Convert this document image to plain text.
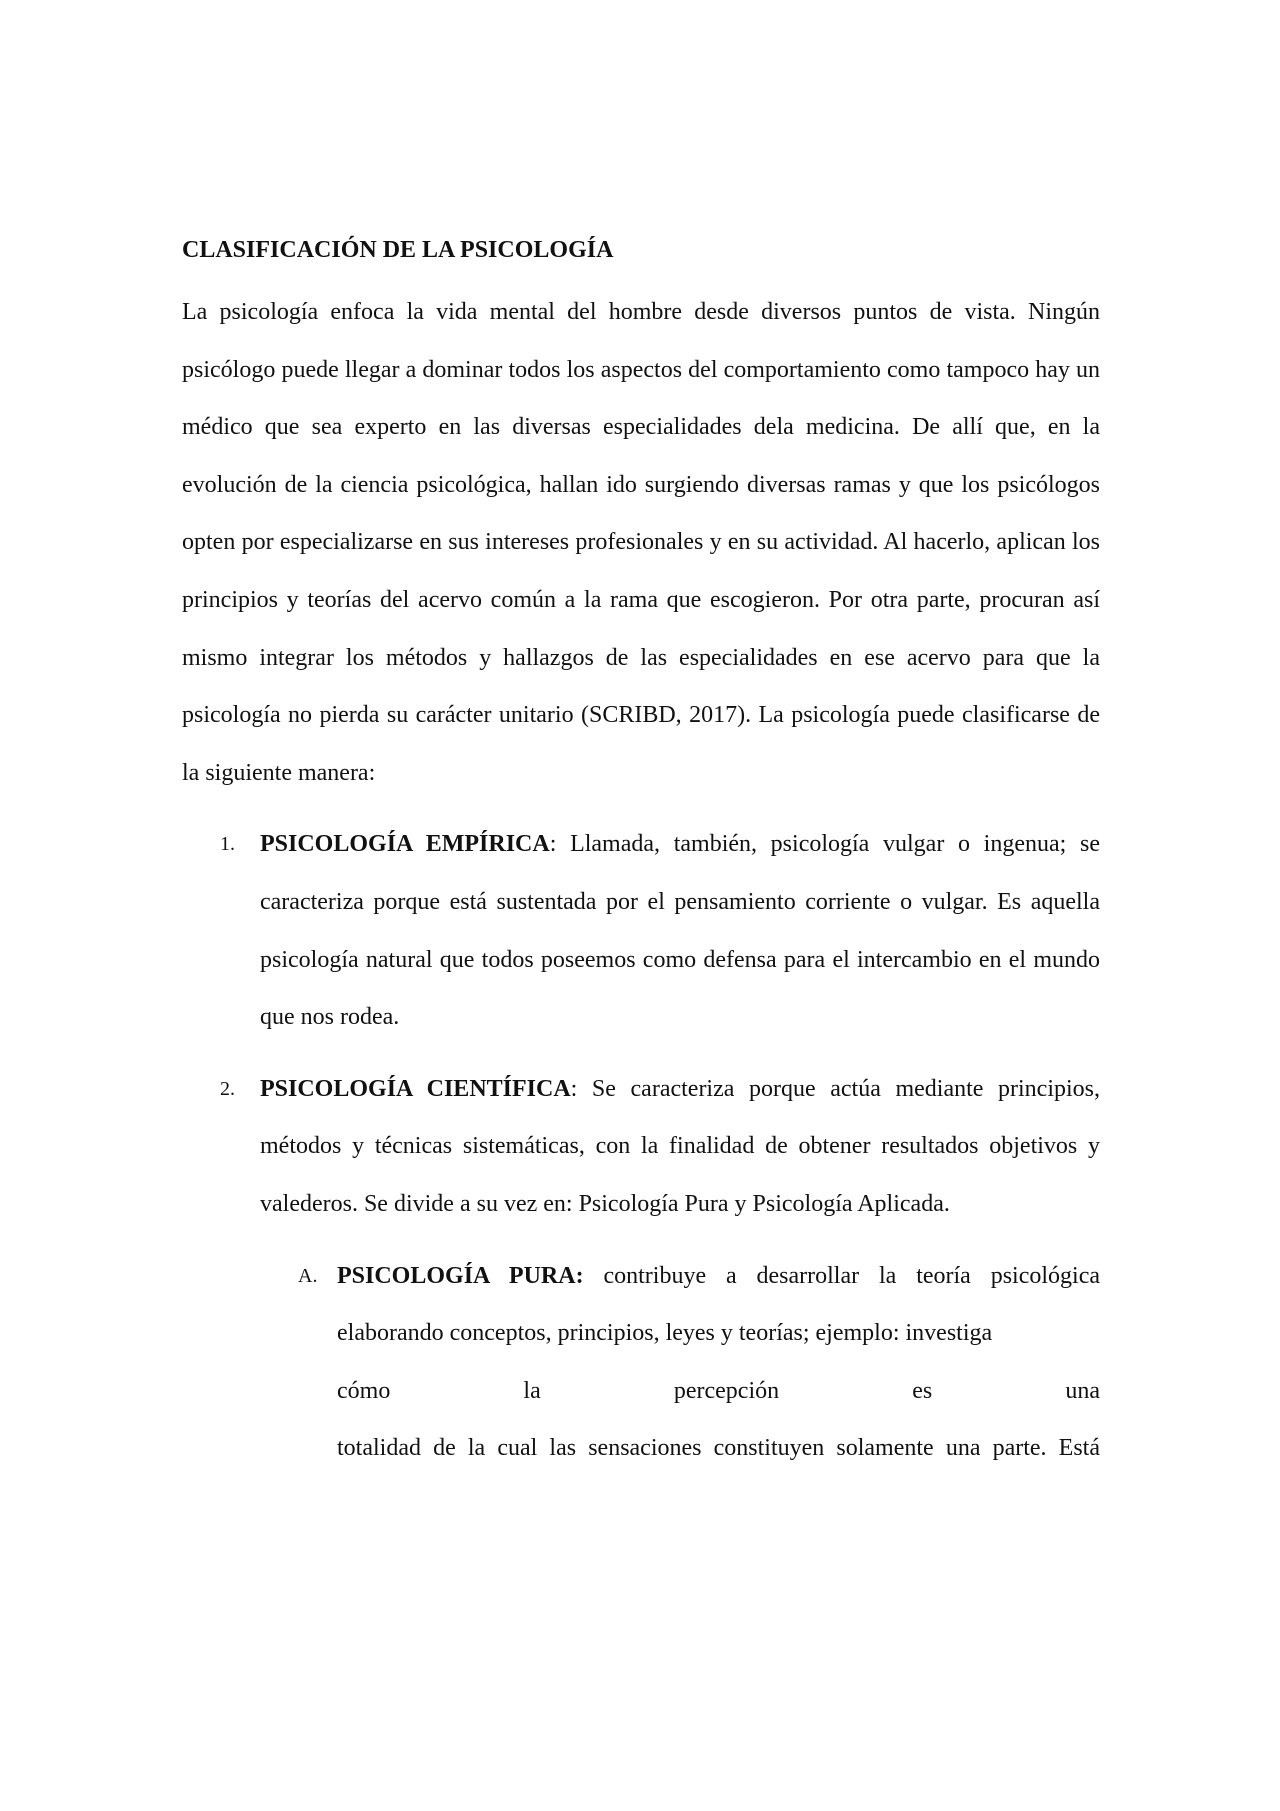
CLASIFICACIÓN DE LA PSICOLOGÍA

La psicología enfoca la vida mental del hombre desde diversos puntos de vista. Ningún psicólogo puede llegar a dominar todos los aspectos del comportamiento como tampoco hay un médico que sea experto en las diversas especialidades dela medicina. De allí que, en la evolución de la ciencia psicológica, hallan ido surgiendo diversas ramas y que los psicólogos opten por especializarse en sus intereses profesionales y en su actividad. Al hacerlo, aplican los principios y teorías del acervo común a la rama que escogieron. Por otra parte, procuran así mismo integrar los métodos y hallazgos de las especialidades en ese acervo para que la psicología no pierda su carácter unitario (SCRIBD, 2017). La psicología puede clasificarse de la siguiente manera:

1. PSICOLOGÍA EMPÍRICA: Llamada, también, psicología vulgar o ingenua; se caracteriza porque está sustentada por el pensamiento corriente o vulgar. Es aquella psicología natural que todos poseemos como defensa para el intercambio en el mundo que nos rodea.
2. PSICOLOGÍA CIENTÍFICA: Se caracteriza porque actúa mediante principios, métodos y técnicas sistemáticas, con la finalidad de obtener resultados objetivos y valederos. Se divide a su vez en: Psicología Pura y Psicología Aplicada.
A. PSICOLOGÍA PURA: contribuye a desarrollar la teoría psicológica elaborando conceptos, principios, leyes y teorías; ejemplo: investiga
cómo la percepción es una
totalidad de la cual las sensaciones constituyen solamente una parte. Está
